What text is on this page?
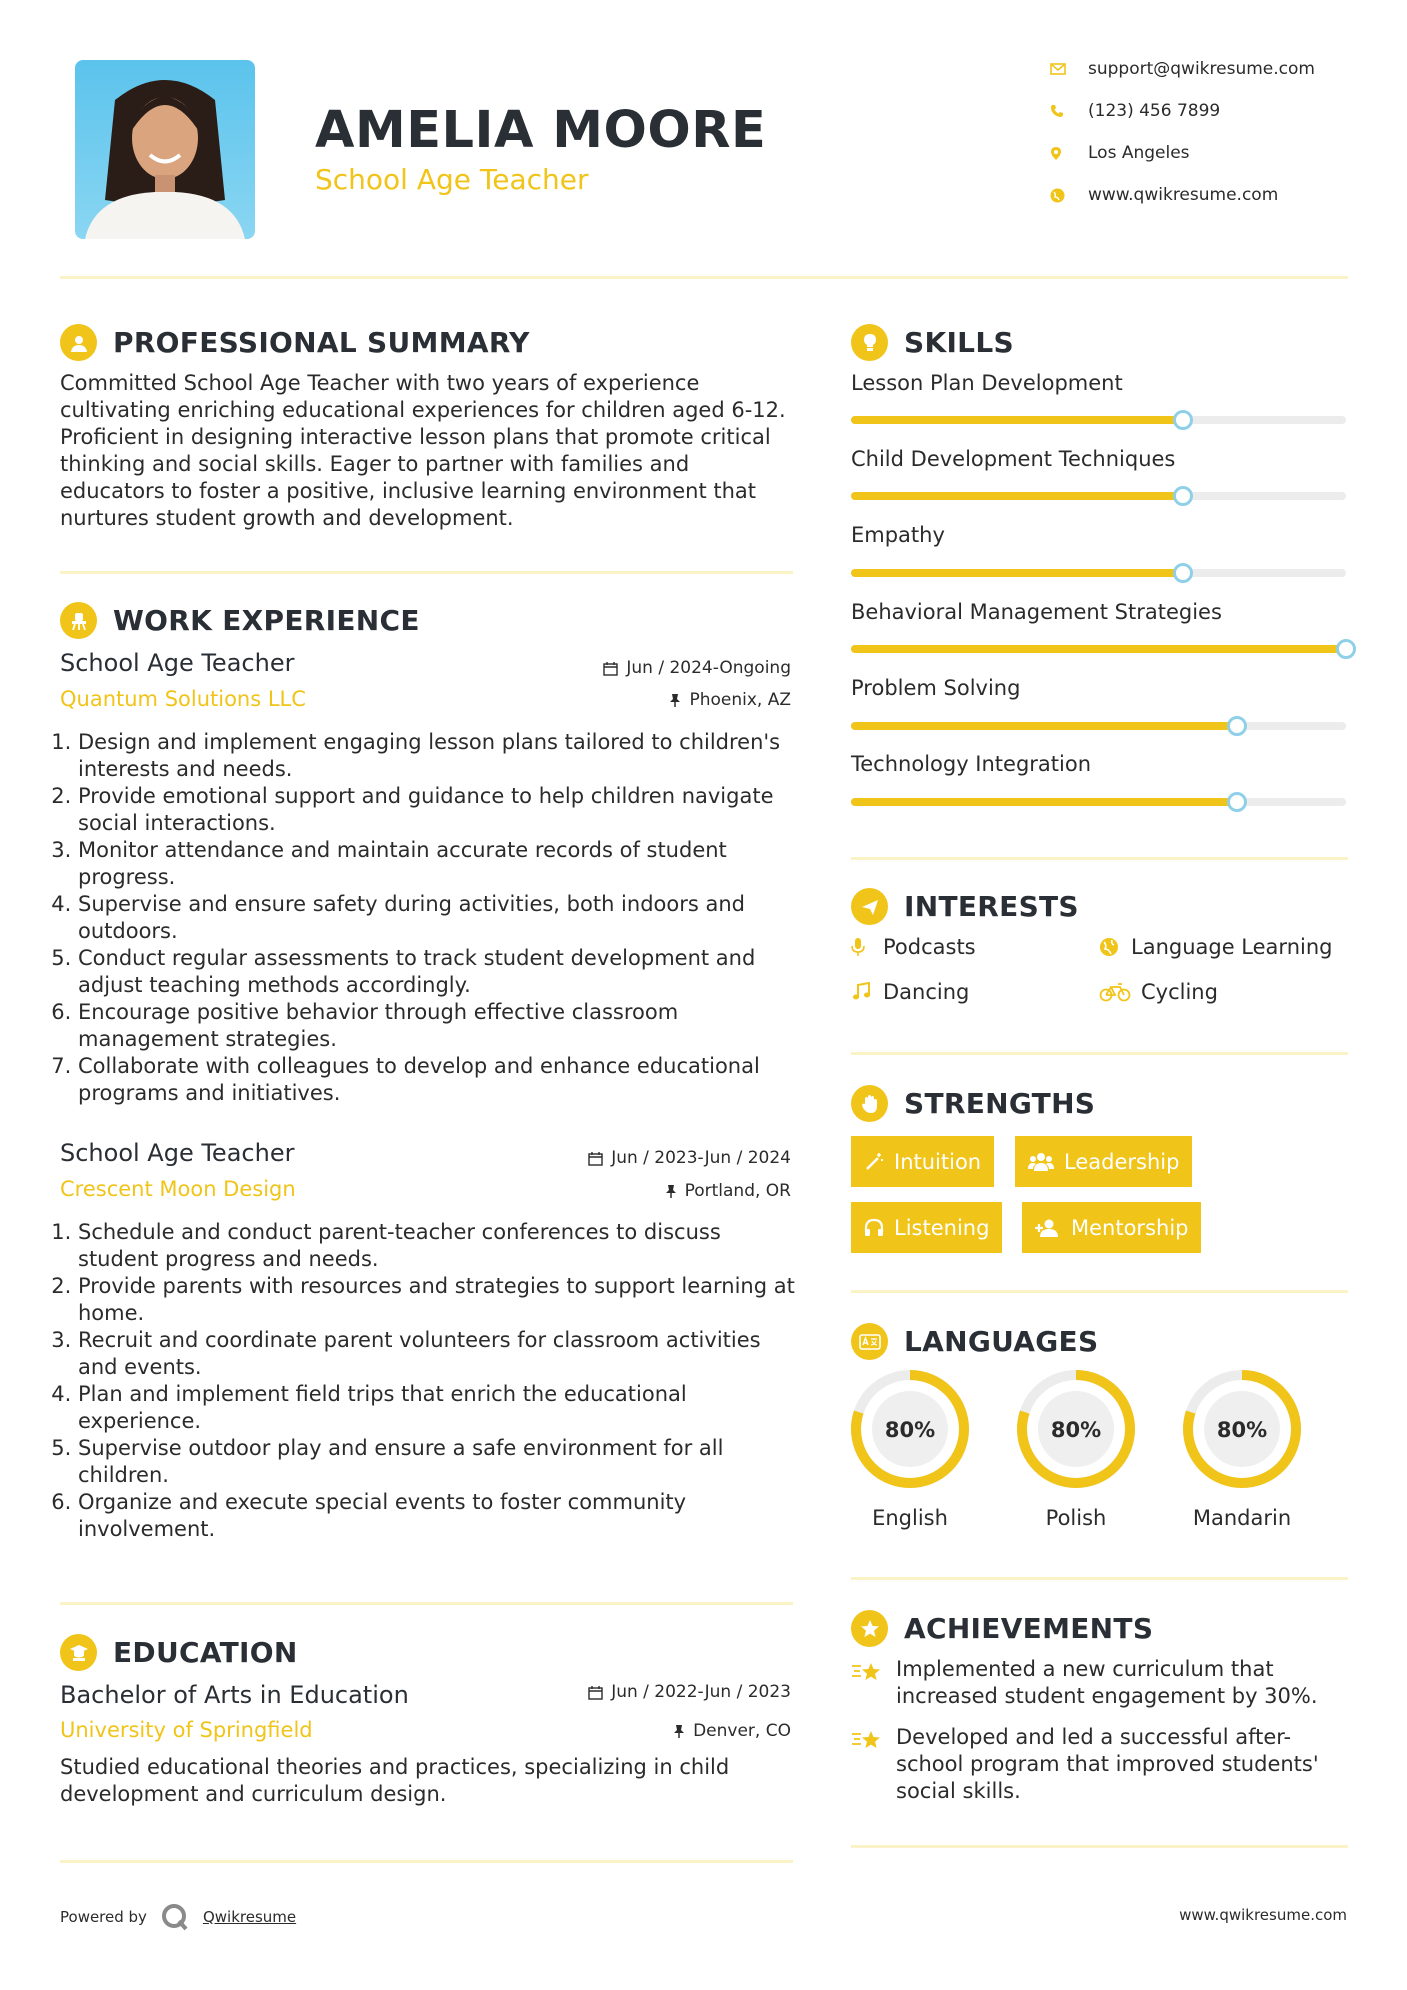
AMELIA MOORE
School Age Teacher
support@qwikresume.com
(123) 456 7899
Los Angeles
www.qwikresume.com
PROFESSIONAL SUMMARY
Committed School Age Teacher with two years of experience cultivating enriching educational experiences for children aged 6-12. Proficient in designing interactive lesson plans that promote critical thinking and social skills. Eager to partner with families and educators to foster a positive, inclusive learning environment that nurtures student growth and development.
WORK EXPERIENCE
School Age Teacher	Jun / 2024-Ongoing
Quantum Solutions LLC	Phoenix, AZ
1. Design and implement engaging lesson plans tailored to children's interests and needs.
2. Provide emotional support and guidance to help children navigate social interactions.
3. Monitor attendance and maintain accurate records of student progress.
4. Supervise and ensure safety during activities, both indoors and outdoors.
5. Conduct regular assessments to track student development and adjust teaching methods accordingly.
6. Encourage positive behavior through effective classroom management strategies.
7. Collaborate with colleagues to develop and enhance educational programs and initiatives.
School Age Teacher	Jun / 2023-Jun / 2024
Crescent Moon Design	Portland, OR
1. Schedule and conduct parent-teacher conferences to discuss student progress and needs.
2. Provide parents with resources and strategies to support learning at home.
3. Recruit and coordinate parent volunteers for classroom activities and events.
4. Plan and implement field trips that enrich the educational experience.
5. Supervise outdoor play and ensure a safe environment for all children.
6. Organize and execute special events to foster community involvement.
EDUCATION
Bachelor of Arts in Education	Jun / 2022-Jun / 2023
University of Springfield	Denver, CO
Studied educational theories and practices, specializing in child development and curriculum design.
SKILLS
Lesson Plan Development
Child Development Techniques
Empathy
Behavioral Management Strategies
Problem Solving
Technology Integration
INTERESTS
Podcasts	Language Learning
Dancing	Cycling
STRENGTHS
Intuition	Leadership
Listening	Mentorship
LANGUAGES
80%
English
80%
Polish
80%
Mandarin
ACHIEVEMENTS
Implemented a new curriculum that increased student engagement by 30%.
Developed and led a successful after-school program that improved students' social skills.
Powered by	Qwikresume	www.qwikresume.com
